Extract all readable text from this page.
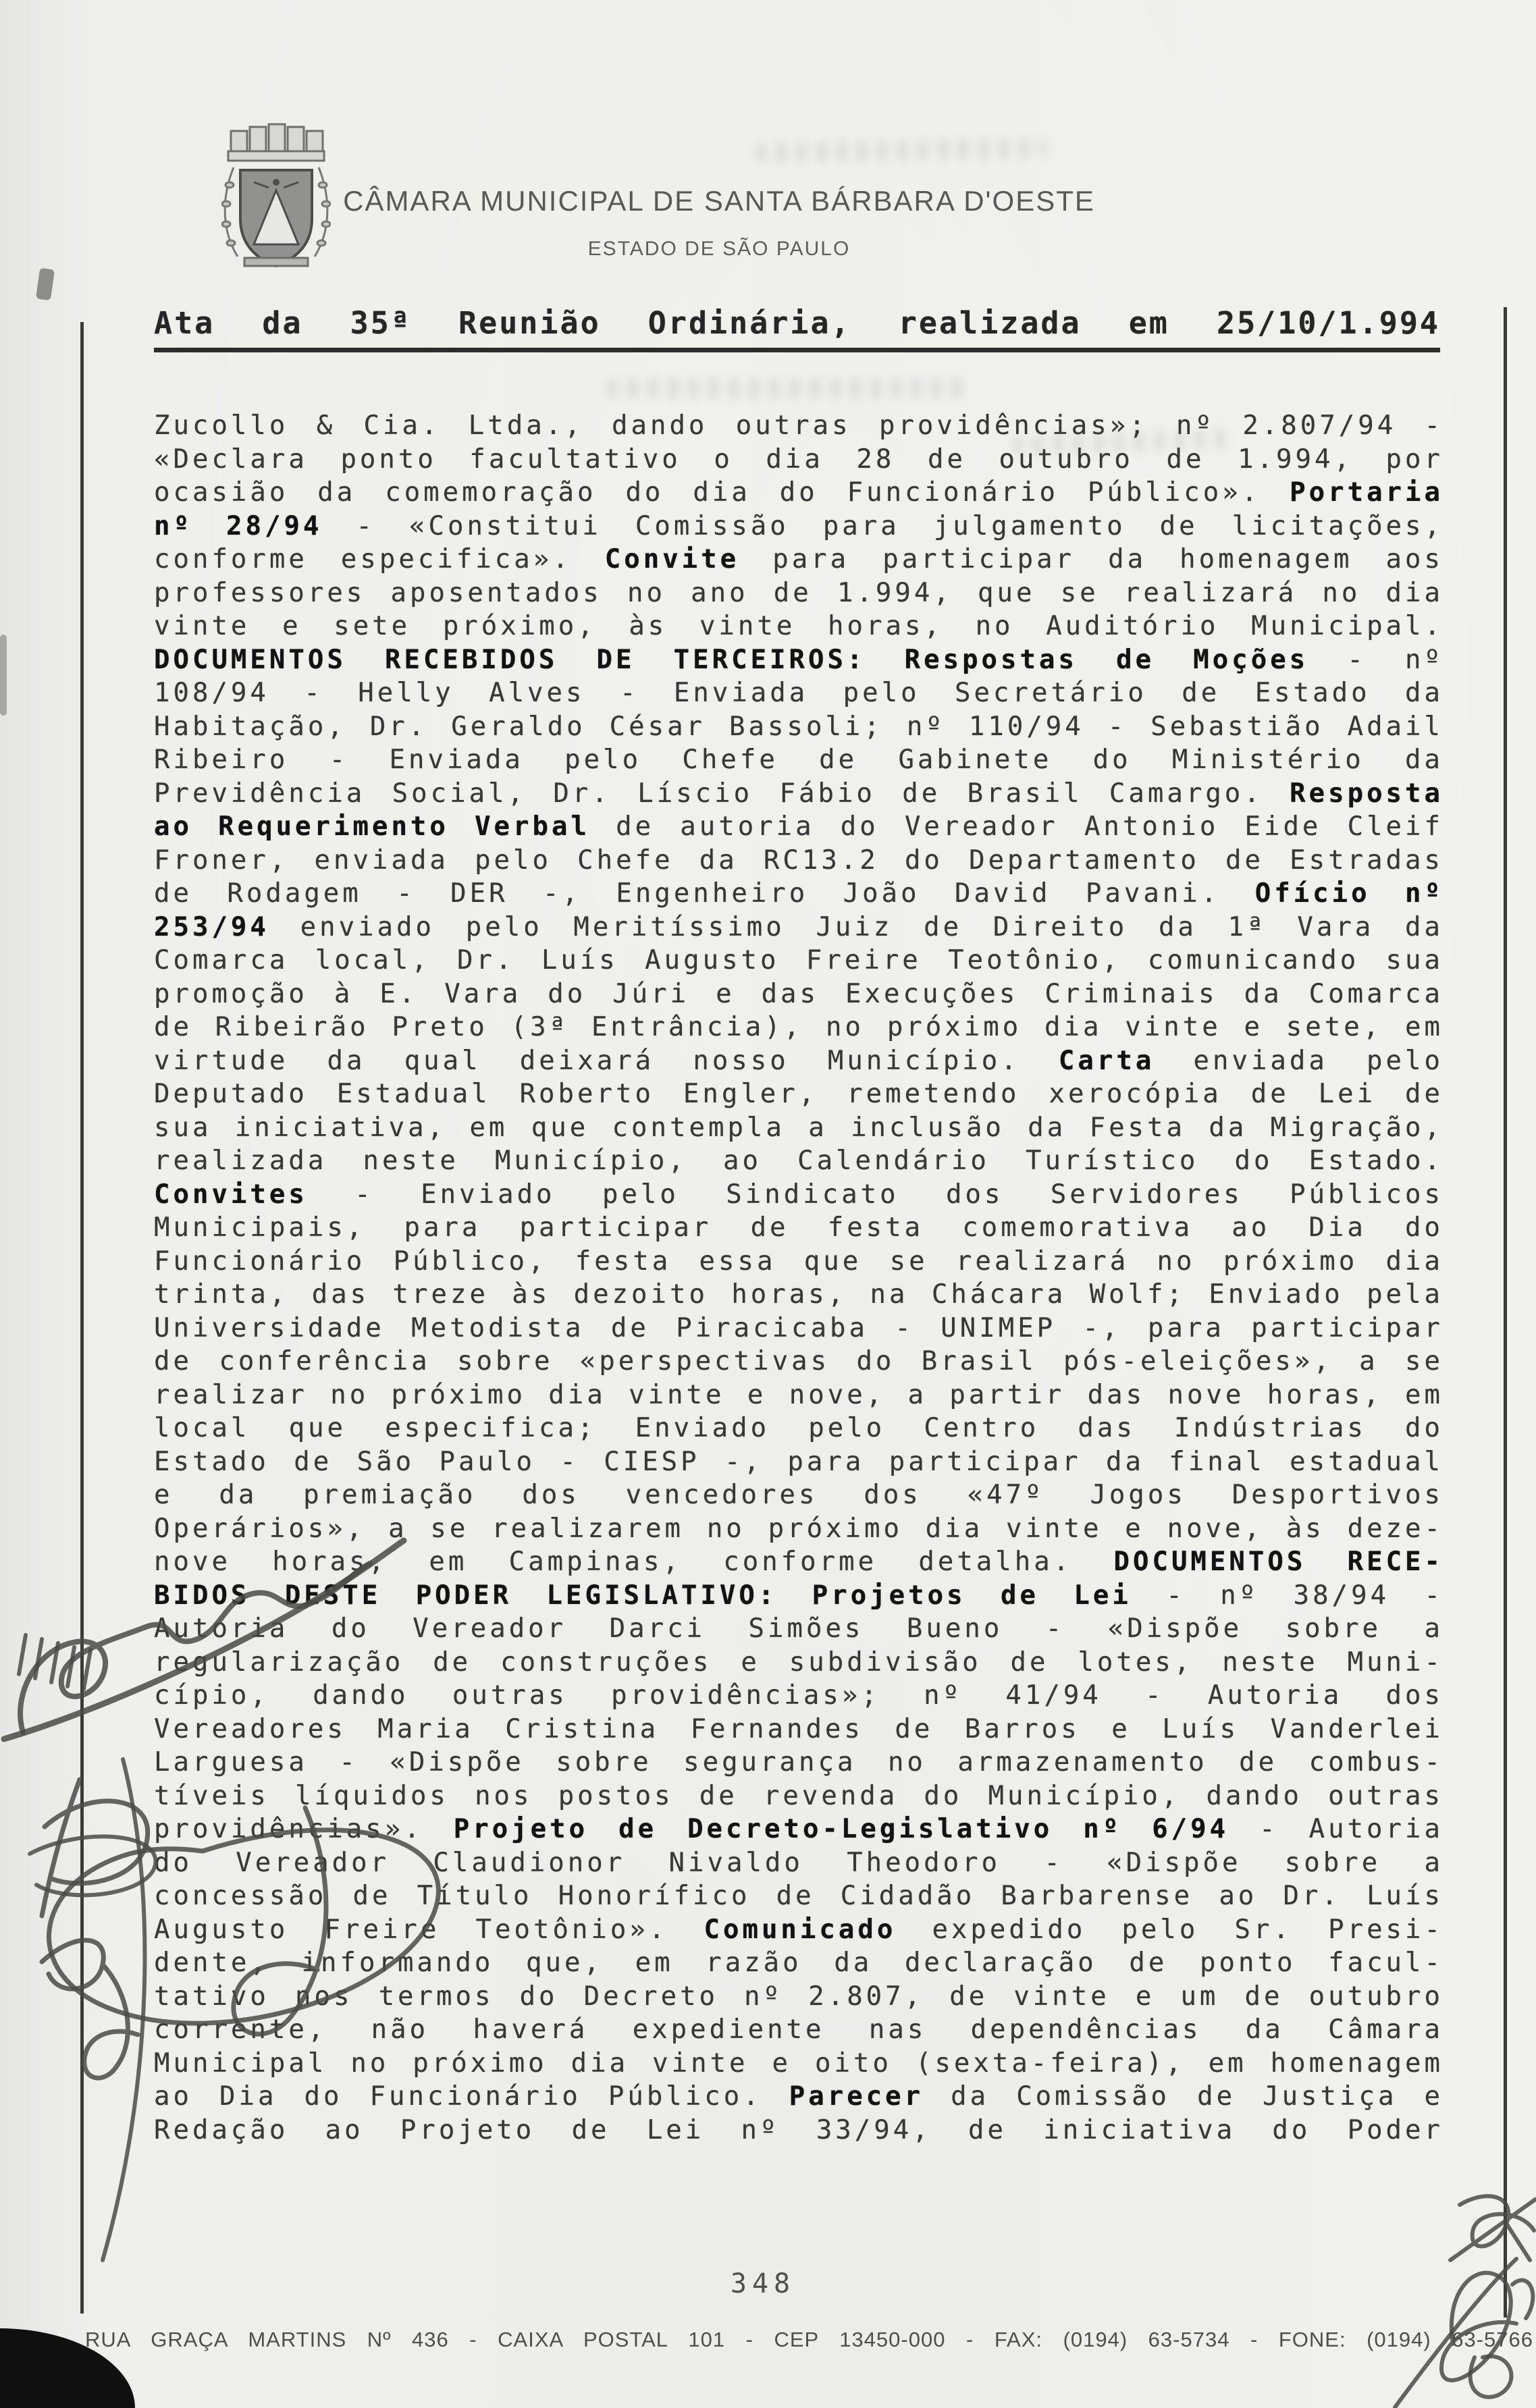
CÂMARA MUNICIPAL DE SANTA BÁRBARA D'OESTE
ESTADO DE SÃO PAULO
Ata da 35ª Reunião Ordinária, realizada em 25/10/1.994
Zucollo & Cia. Ltda., dando outras providências»; nº 2.807/94 -
«Declara ponto facultativo o dia 28 de outubro de 1.994, por
ocasião da comemoração do dia do Funcionário Público». Portaria
nº 28/94 - «Constitui Comissão para julgamento de licitações,
conforme especifica». Convite para participar da homenagem aos
professores aposentados no ano de 1.994, que se realizará no dia
vinte e sete próximo, às vinte horas, no Auditório Municipal.
DOCUMENTOS RECEBIDOS DE TERCEIROS: Respostas de Moções - nº
108/94 - Helly Alves - Enviada pelo Secretário de Estado da
Habitação, Dr. Geraldo César Bassoli; nº 110/94 - Sebastião Adail
Ribeiro - Enviada pelo Chefe de Gabinete do Ministério da
Previdência Social, Dr. Líscio Fábio de Brasil Camargo. Resposta
ao Requerimento Verbal de autoria do Vereador Antonio Eide Cleif
Froner, enviada pelo Chefe da RC13.2 do Departamento de Estradas
de Rodagem - DER -, Engenheiro João David Pavani. Ofício nº
253/94 enviado pelo Meritíssimo Juiz de Direito da 1ª Vara da
Comarca local, Dr. Luís Augusto Freire Teotônio, comunicando sua
promoção à E. Vara do Júri e das Execuções Criminais da Comarca
de Ribeirão Preto (3ª Entrância), no próximo dia vinte e sete, em
virtude da qual deixará nosso Município. Carta enviada pelo
Deputado Estadual Roberto Engler, remetendo xerocópia de Lei de
sua iniciativa, em que contempla a inclusão da Festa da Migração,
realizada neste Município, ao Calendário Turístico do Estado.
Convites - Enviado pelo Sindicato dos Servidores Públicos
Municipais, para participar de festa comemorativa ao Dia do
Funcionário Público, festa essa que se realizará no próximo dia
trinta, das treze às dezoito horas, na Chácara Wolf; Enviado pela
Universidade Metodista de Piracicaba - UNIMEP -, para participar
de conferência sobre «perspectivas do Brasil pós-eleições», a se
realizar no próximo dia vinte e nove, a partir das nove horas, em
local que especifica; Enviado pelo Centro das Indústrias do
Estado de São Paulo - CIESP -, para participar da final estadual
e da premiação dos vencedores dos «47º Jogos Desportivos
Operários», a se realizarem no próximo dia vinte e nove, às deze-
nove horas, em Campinas, conforme detalha. DOCUMENTOS RECE-
BIDOS DESTE PODER LEGISLATIVO: Projetos de Lei - nº 38/94 -
Autoria do Vereador Darci Simões Bueno - «Dispõe sobre a
regularização de construções e subdivisão de lotes, neste Muni-
cípio, dando outras providências»; nº 41/94 - Autoria dos
Vereadores Maria Cristina Fernandes de Barros e Luís Vanderlei
Larguesa - «Dispõe sobre segurança no armazenamento de combus-
tíveis líquidos nos postos de revenda do Município, dando outras
providências». Projeto de Decreto-Legislativo nº 6/94 - Autoria
do Vereador Claudionor Nivaldo Theodoro - «Dispõe sobre a
concessão de Título Honorífico de Cidadão Barbarense ao Dr. Luís
Augusto Freire Teotônio». Comunicado expedido pelo Sr. Presi-
dente, informando que, em razão da declaração de ponto facul-
tativo nos termos do Decreto nº 2.807, de vinte e um de outubro
corrente, não haverá expediente nas dependências da Câmara
Municipal no próximo dia vinte e oito (sexta-feira), em homenagem
ao Dia do Funcionário Público. Parecer da Comissão de Justiça e
Redação ao Projeto de Lei nº 33/94, de iniciativa do Poder
348
RUA GRAÇA MARTINS Nº 436 - CAIXA POSTAL 101 - CEP 13450-000 - FAX: (0194) 63-5734 - FONE: (0194) 63-5766
